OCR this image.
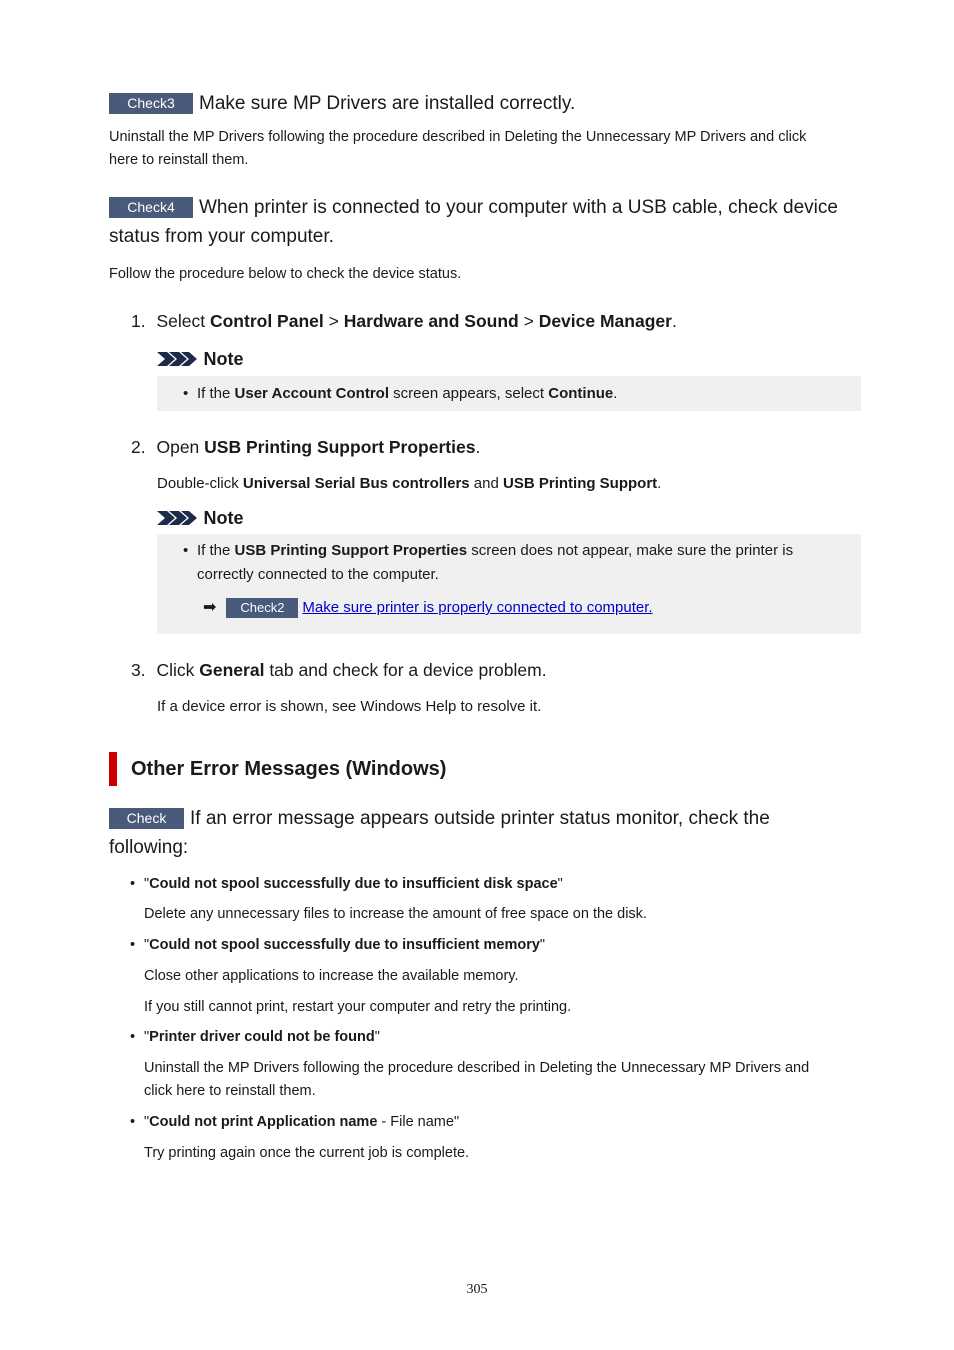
Check3 Make sure MP Drivers are installed correctly.
Uninstall the MP Drivers following the procedure described in Deleting the Unnecessary MP Drivers and click
here to reinstall them.
Check4 When printer is connected to your computer with a USB cable, check device
status from your computer.
Follow the procedure below to check the device status.
1. Select Control Panel > Hardware and Sound > Device Manager.
Note
• If the User Account Control screen appears, select Continue.
2. Open USB Printing Support Properties.
Double-click Universal Serial Bus controllers and USB Printing Support.
Note
• If the USB Printing Support Properties screen does not appear, make sure the printer is
correctly connected to the computer.
➡ Check2 Make sure printer is properly connected to computer.
3. Click General tab and check for a device problem.
If a device error is shown, see Windows Help to resolve it.
Other Error Messages (Windows)
Check If an error message appears outside printer status monitor, check the
following:
• "Could not spool successfully due to insufficient disk space"
Delete any unnecessary files to increase the amount of free space on the disk.
• "Could not spool successfully due to insufficient memory"
Close other applications to increase the available memory.
If you still cannot print, restart your computer and retry the printing.
• "Printer driver could not be found"
Uninstall the MP Drivers following the procedure described in Deleting the Unnecessary MP Drivers and
click here to reinstall them.
• "Could not print Application name - File name"
Try printing again once the current job is complete.
305
